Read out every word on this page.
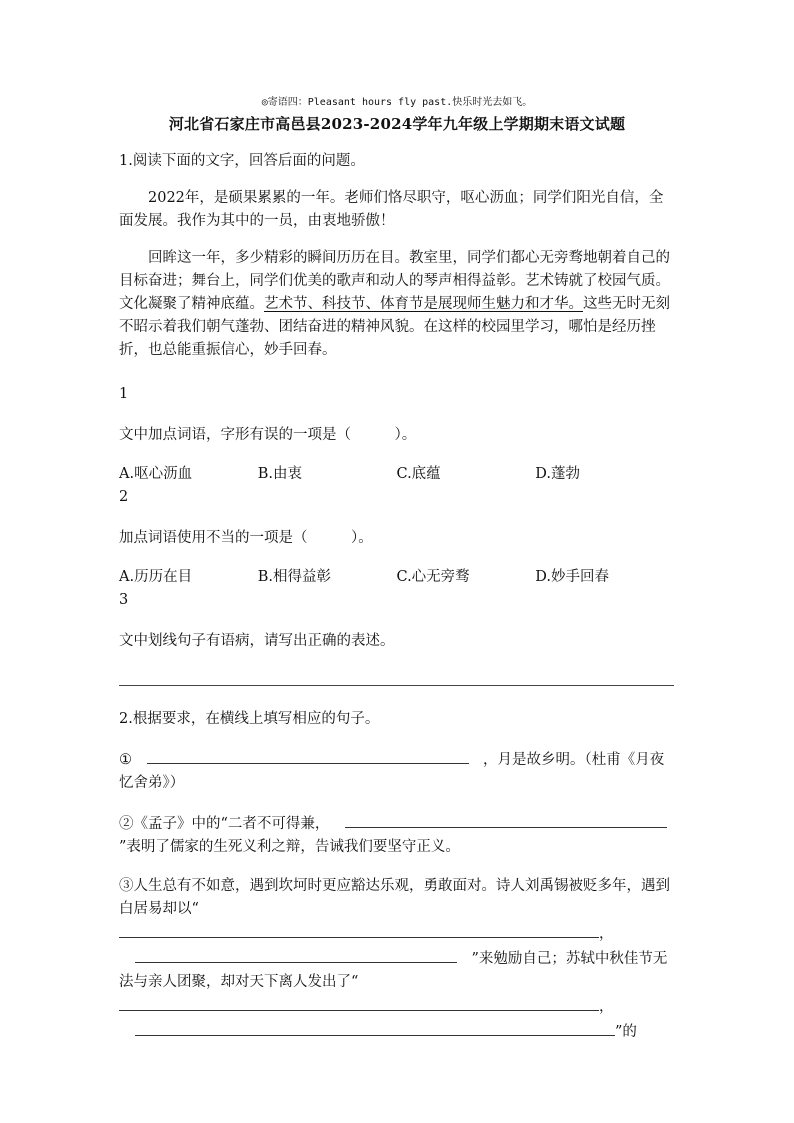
◎寄语四：Pleasant hours fly past.快乐时光去如飞。
河北省石家庄市高邑县2023-2024学年九年级上学期期末语文试题

1.阅读下面的文字，回答后面的问题。

2022年，是硕果累累的一年。老师们恪尽职守，呕心沥血；同学们阳光自信，全面发展。我作为其中的一员，由衷地骄傲！

回眸这一年，多少精彩的瞬间历历在目。教室里，同学们都心无旁骛地朝着自己的目标奋进；舞台上，同学们优美的歌声和动人的琴声相得益彰。艺术铸就了校园气质。文化凝聚了精神底蕴。艺术节、科技节、体育节是展现师生魅力和才华。这些无时无刻不昭示着我们朝气蓬勃、团结奋进的精神风貌。在这样的校园里学习，哪怕是经历挫折，也总能重振信心，妙手回春。

1

文中加点词语，字形有误的一项是（　　　）。

A.呕心沥血	B.由衷	C.底蕴	D.蓬勃

2

加点词语使用不当的一项是（　　　）。

A.历历在目	B.相得益彰	C.心无旁骛	D.妙手回春

3

文中划线句子有语病，请写出正确的表述。

2.根据要求，在横线上填写相应的句子。

①　　	，月是故乡明。（杜甫《月夜忆舍弟》）

②《孟子》中的“二者不可得兼，　”表明了儒家的生死义利之辩，告诫我们要坚守正义。

③人生总有不如意，遇到坎坷时更应豁达乐观，勇敢面对。诗人刘禹锡被贬多年，遇到白居易却以“，　”来勉励自己；苏轼中秋佳节无法与亲人团聚，却对天下离人发出了“，”的
